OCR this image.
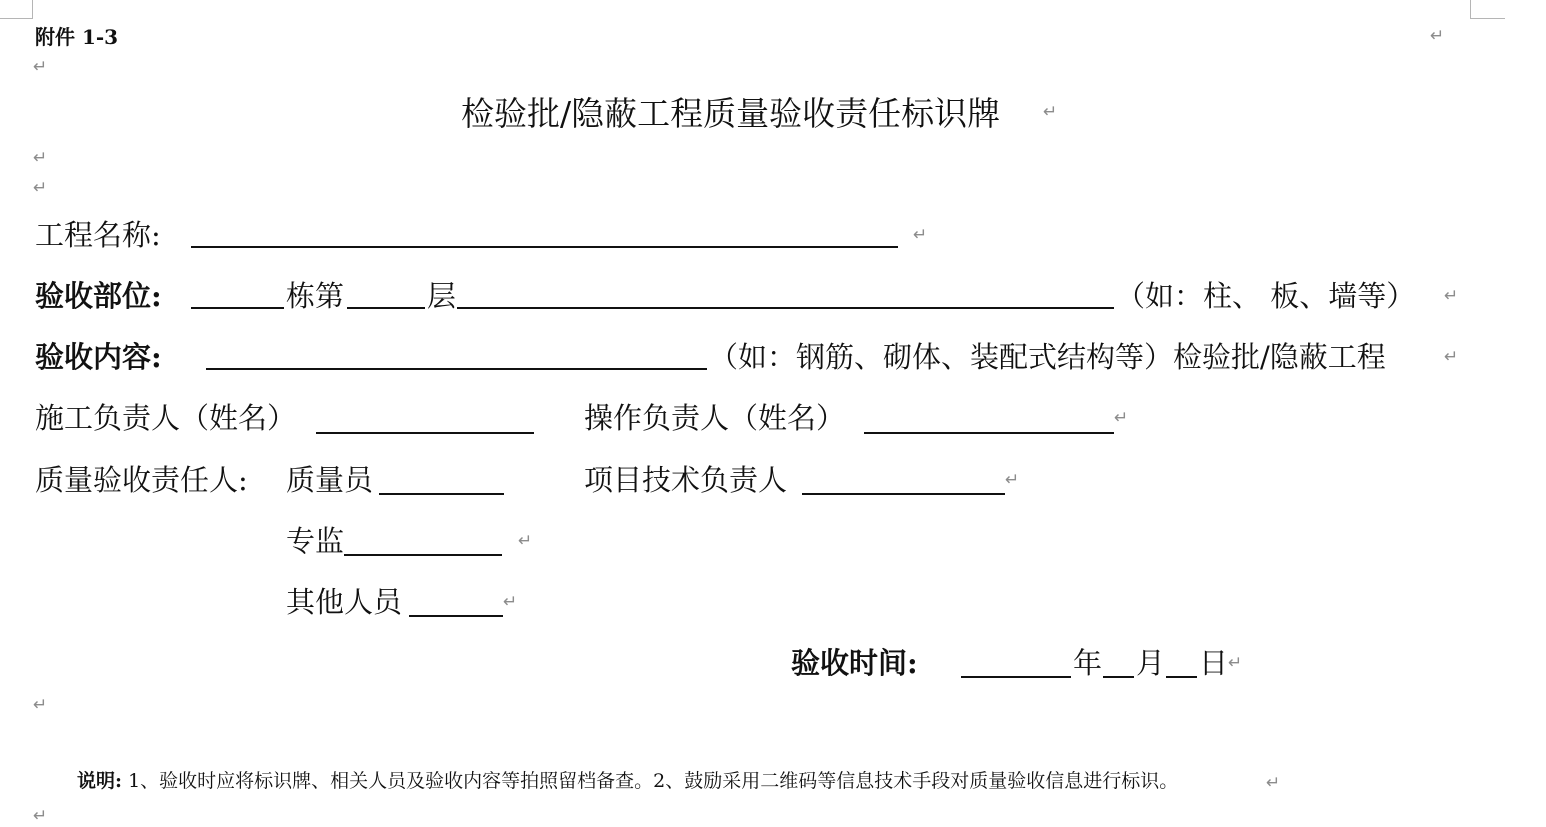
附件 1-3	↵
↵
检验批/隐蔽工程质量验收责任标识牌	↵
↵
↵
工程名称:	↵
验收部位:	栋第	层	（如：柱、 板、墙等） ↵
验收内容:	（如：钢筋、砌体、装配式结构等）检验批/隐蔽工程	↵
施工负责人（姓名）	操作负责人（姓名）	↵
质量验收责任人: 质量员	项目技术负责人	↵
专监	↵
其他人员	↵
验收时间:	年 月 日 ↵
↵
说明: 1、验收时应将标识牌、相关人员及验收内容等拍照留档备查。2、鼓励采用二维码等信息技术手段对质量验收信息进行标识。	↵
↵
